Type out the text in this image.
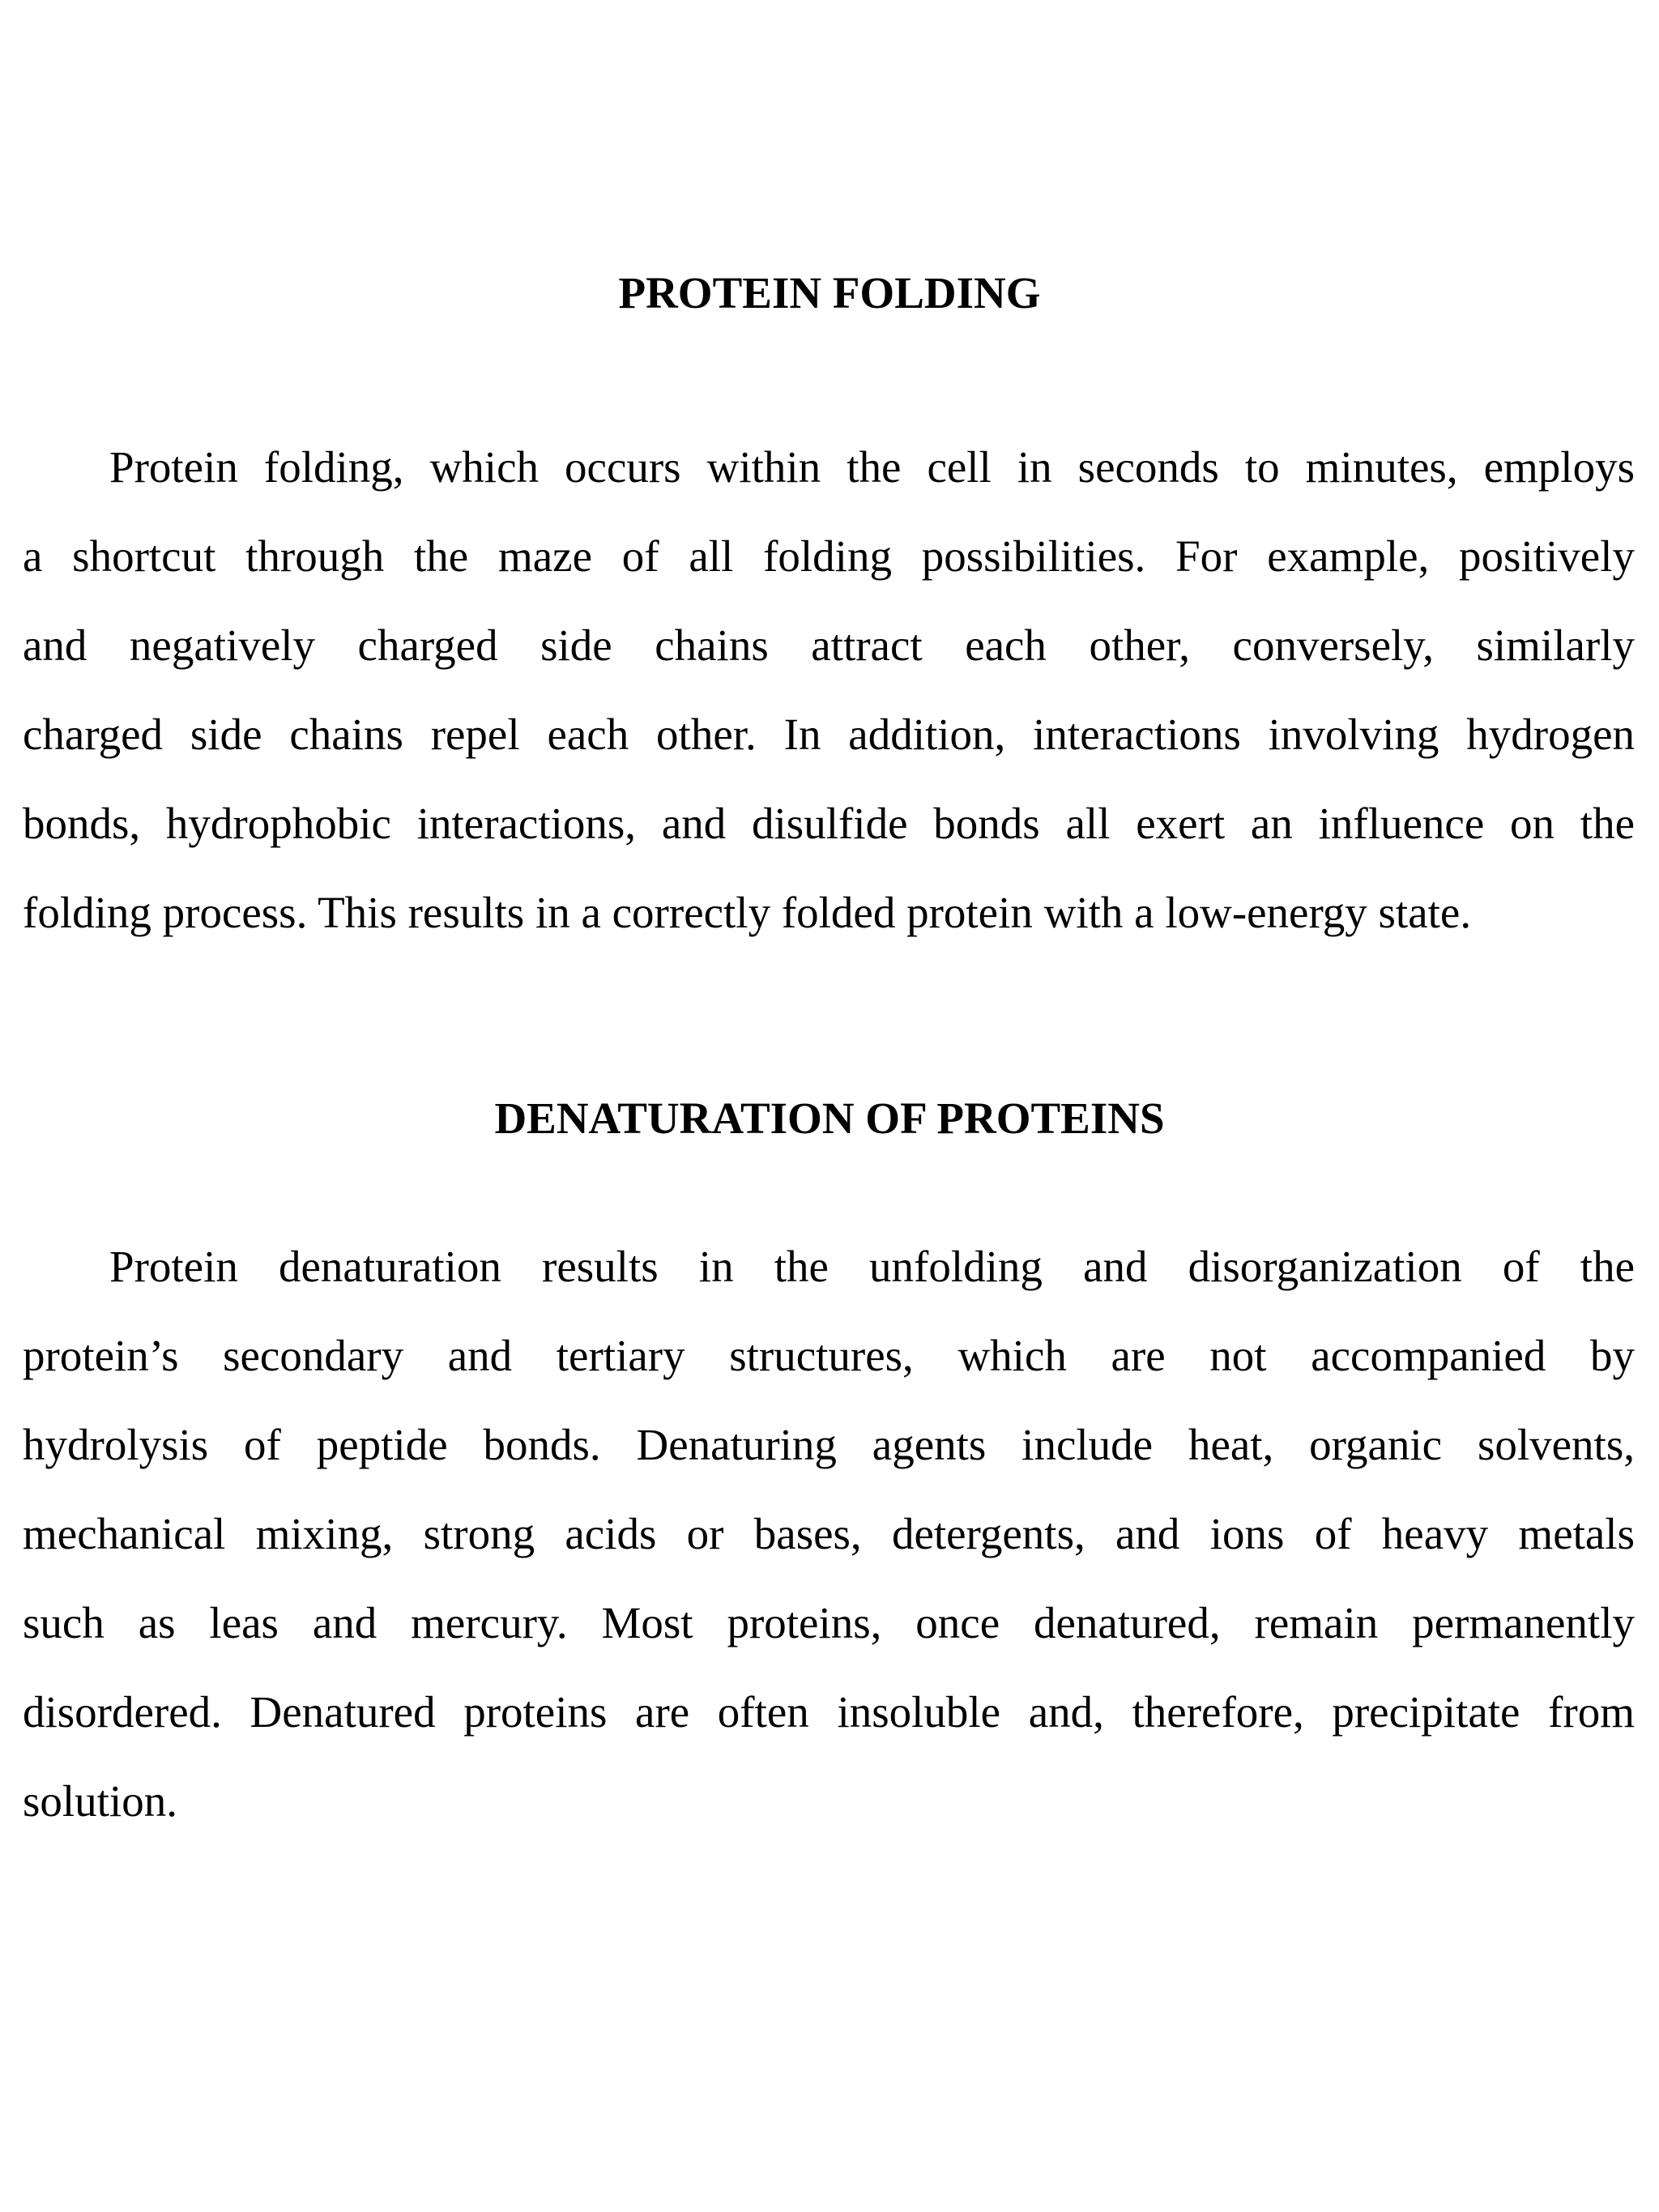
PROTEIN FOLDING
Protein folding, which occurs within the cell in seconds to minutes, employs
a shortcut through the maze of all folding possibilities. For example, positively
and negatively charged side chains attract each other, conversely, similarly
charged side chains repel each other. In addition, interactions involving hydrogen
bonds, hydrophobic interactions, and disulfide bonds all exert an influence on the
folding process. This results in a correctly folded protein with a low-energy state.
DENATURATION OF PROTEINS
Protein denaturation results in the unfolding and disorganization of the
protein’s secondary and tertiary structures, which are not accompanied by
hydrolysis of peptide bonds. Denaturing agents include heat, organic solvents,
mechanical mixing, strong acids or bases, detergents, and ions of heavy metals
such as leas and mercury. Most proteins, once denatured, remain permanently
disordered. Denatured proteins are often insoluble and, therefore, precipitate from
solution.
